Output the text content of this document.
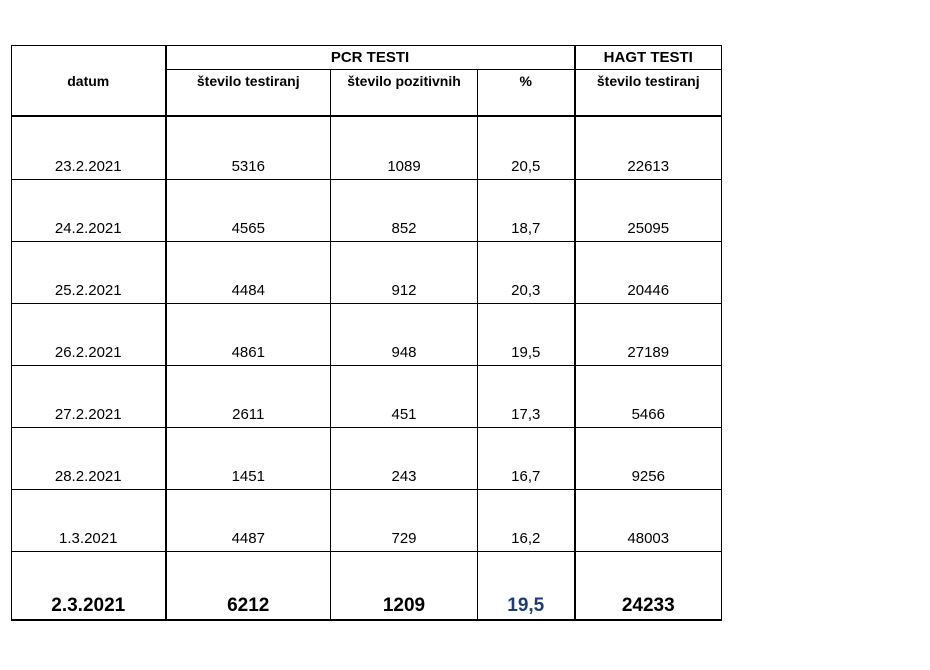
datum	PCR TESTI			HAGT TESTI
	število testiranj	število pozitivnih	%	število testiranj
23.2.2021	5316	1089	20,5	22613
24.2.2021	4565	852	18,7	25095
25.2.2021	4484	912	20,3	20446
26.2.2021	4861	948	19,5	27189
27.2.2021	2611	451	17,3	5466
28.2.2021	1451	243	16,7	9256
1.3.2021	4487	729	16,2	48003
2.3.2021	6212	1209	19,5	24233
